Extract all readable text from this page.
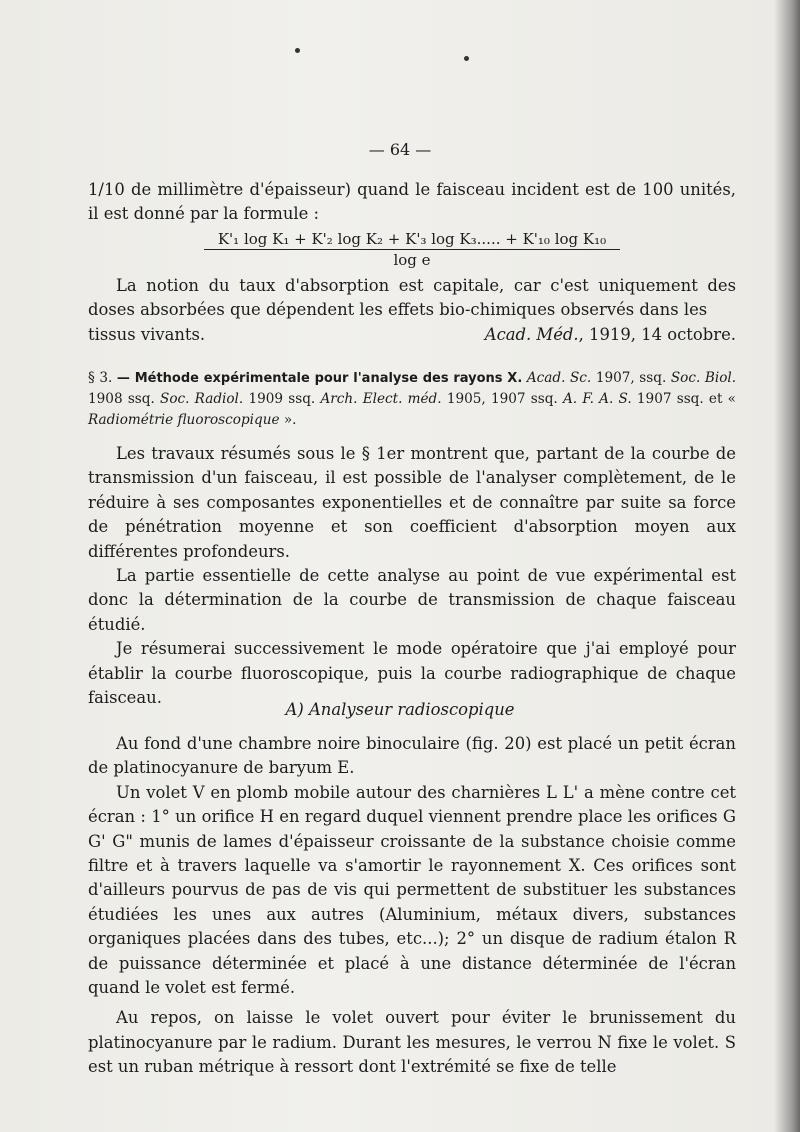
— 64 —

1/10 de millimètre d'épaisseur) quand le faisceau incident est de 100 unités, il est donné par la formule :

$\frac{\text{K'₁ log K₁ + K'₂ log K₂ + K'₃ log K₃..... + K'₁₀ log K₁₀}}{\text{log e}}$

La notion du taux d'absorption est capitale, car c'est uniquement des doses absorbées que dépendent les effets bio-chimiques observés dans les

tissus vivants.	Acad. Méd., 1919, 14 octobre.
§ 3. — Méthode expérimentale pour l'analyse des rayons X. Acad. Sc. 1907, ssq. Soc. Biol. 1908 ssq. Soc. Radiol. 1909 ssq. Arch. Elect. méd. 1905, 1907 ssq. A. F. A. S. 1907 ssq. et « Radiométrie fluoroscopique ».

Les travaux résumés sous le § 1er montrent que, partant de la courbe de transmission d'un faisceau, il est possible de l'analyser complètement, de le réduire à ses composantes exponentielles et de connaître par suite sa force de pénétration moyenne et son coefficient d'absorption moyen aux différentes profondeurs.

La partie essentielle de cette analyse au point de vue expérimental est donc la détermination de la courbe de transmission de chaque faisceau étudié.

Je résumerai successivement le mode opératoire que j'ai employé pour établir la courbe fluoroscopique, puis la courbe radiographique de chaque faisceau.

A) Analyseur radioscopique

Au fond d'une chambre noire binoculaire (fig. 20) est placé un petit écran de platinocyanure de baryum E.

Un volet V en plomb mobile autour des charnières L L' a mène contre cet écran : 1° un orifice H en regard duquel viennent prendre place les orifices G G' G" munis de lames d'épaisseur croissante de la substance choisie comme filtre et à travers laquelle va s'amortir le rayonnement X. Ces orifices sont d'ailleurs pourvus de pas de vis qui permettent de substituer les substances étudiées les unes aux autres (Aluminium, métaux divers, substances organiques placées dans des tubes, etc...); 2° un disque de radium étalon R de puissance déterminée et placé à une distance déterminée de l'écran quand le volet est fermé.

Au repos, on laisse le volet ouvert pour éviter le brunissement du platinocyanure par le radium. Durant les mesures, le verrou N fixe le volet. S est un ruban métrique à ressort dont l'extrémité se fixe de telle
